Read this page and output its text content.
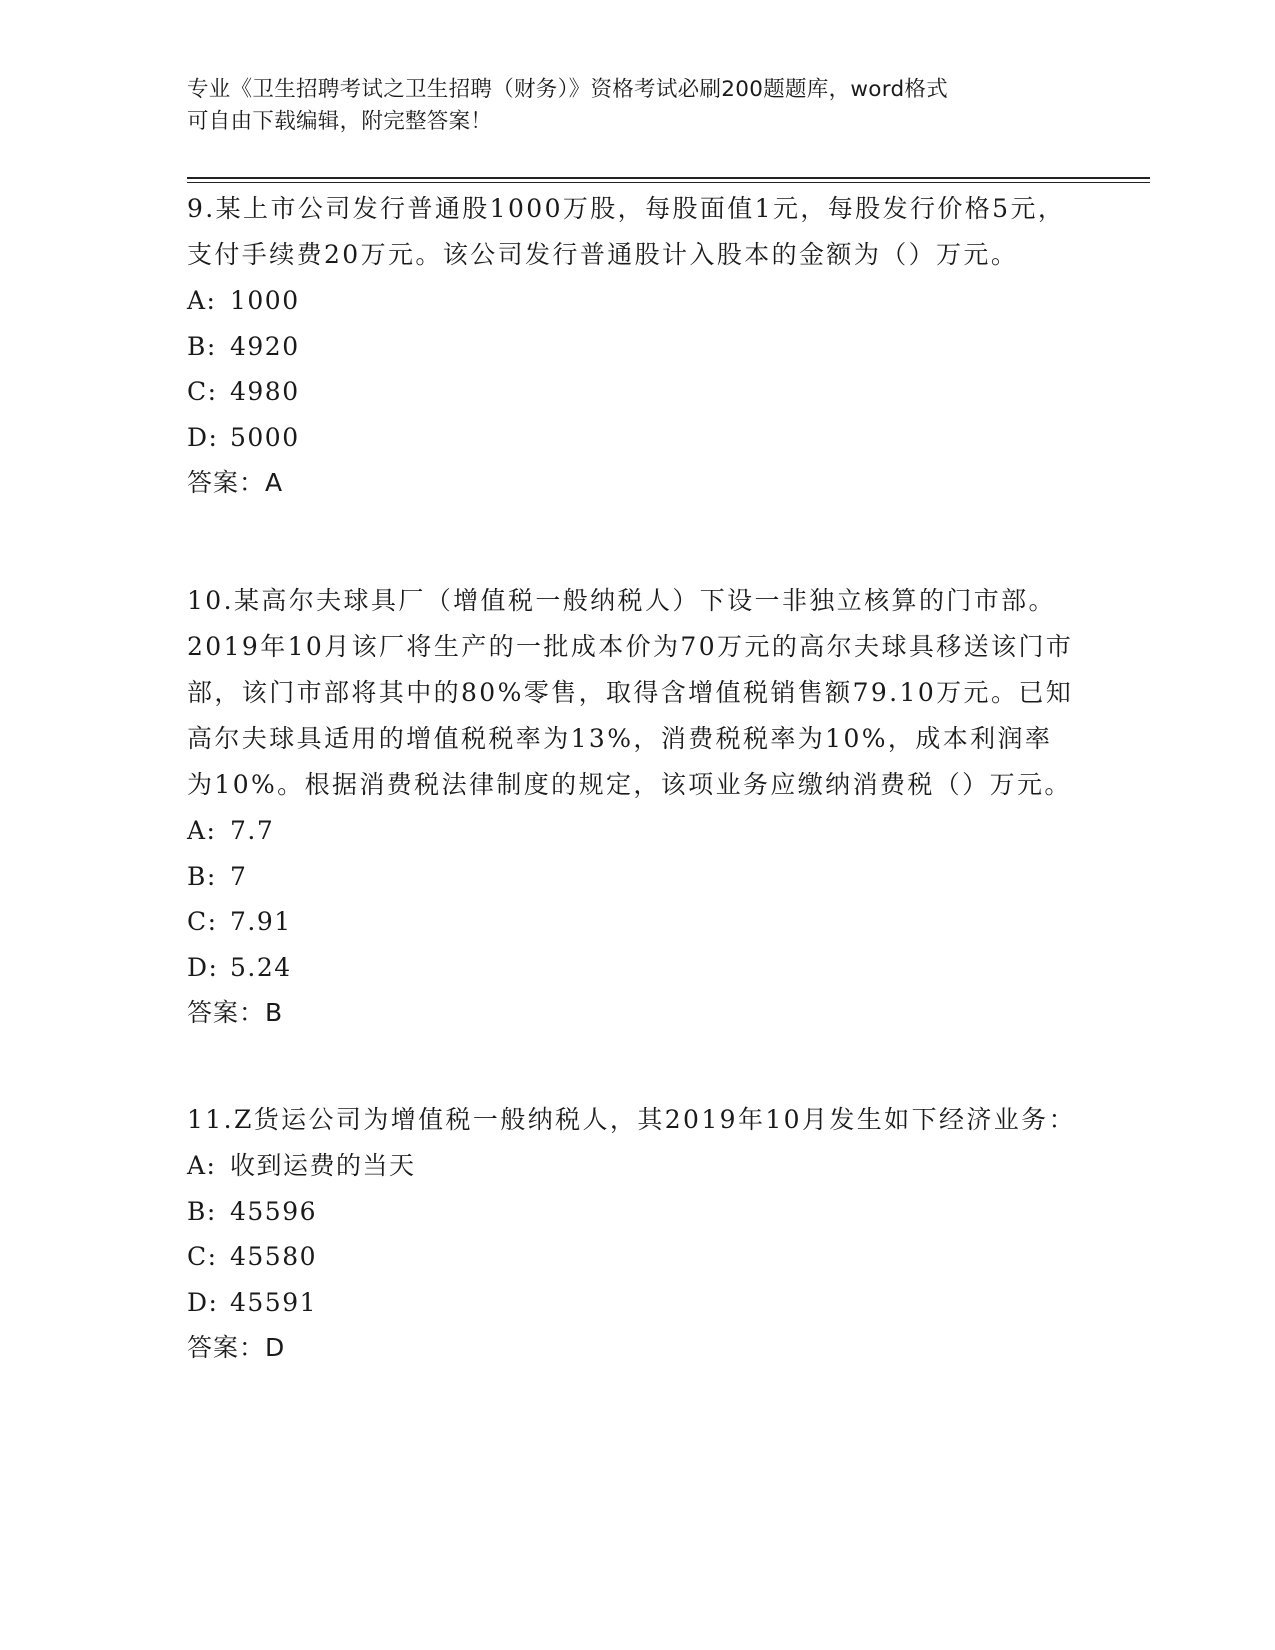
专业《卫生招聘考试之卫生招聘（财务）》资格考试必刷200题题库，word格式
可自由下载编辑，附完整答案！

9.某上市公司发行普通股1000万股，每股面值1元，每股发行价格5元，支付手续费20万元。该公司发行普通股计入股本的金额为（）万元。

A: 1000

B: 4920

C: 4980

D: 5000

答案：A

10.某高尔夫球具厂（增值税一般纳税人）下设一非独立核算的门市部。2019年10月该厂将生产的一批成本价为70万元的高尔夫球具移送该门市部，该门市部将其中的80%零售，取得含增值税销售额79.10万元。已知高尔夫球具适用的增值税税率为13%，消费税税率为10%，成本利润率为10%。根据消费税法律制度的规定，该项业务应缴纳消费税（）万元。

A: 7.7

B: 7

C: 7.91

D: 5.24

答案：B

11.Z货运公司为增值税一般纳税人，其2019年10月发生如下经济业务：

A: 收到运费的当天

B: 45596

C: 45580

D: 45591

答案：D
